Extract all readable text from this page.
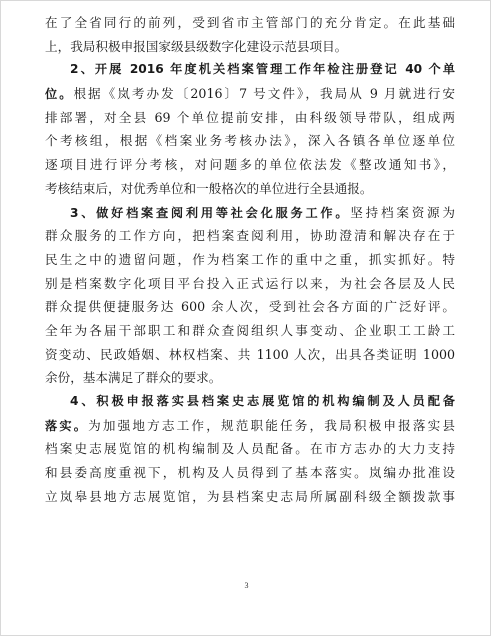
在了全省同行的前列，受到省市主管部门的充分肯定。在此基础
上，我局积极申报国家级县级数字化建设示范县项目。
2、开展 2016 年度机关档案管理工作年检注册登记 40 个单
位。根据《岚考办发〔2016〕7 号文件》，我局从 9 月就进行安
排部署，对全县 69 个单位提前安排，由科级领导带队，组成两
个考核组，根据《档案业务考核办法》，深入各镇各单位逐单位
逐项目进行评分考核，对问题多的单位依法发《整改通知书》，
考核结束后，对优秀单位和一般格次的单位进行全县通报。
3、做好档案查阅利用等社会化服务工作。坚持档案资源为
群众服务的工作方向，把档案查阅利用，协助澄清和解决存在于
民生之中的遗留问题，作为档案工作的重中之重，抓实抓好。特
别是档案数字化项目平台投入正式运行以来，为社会各层及人民
群众提供便捷服务达 600 余人次，受到社会各方面的广泛好评。
全年为各届干部职工和群众查阅组织人事变动、企业职工工龄工
资变动、民政婚姻、林权档案、共 1100 人次，出具各类证明 1000
余份，基本满足了群众的要求。
4、积极申报落实县档案史志展览馆的机构编制及人员配备
落实。为加强地方志工作，规范职能任务，我局积极申报落实县
档案史志展览馆的机构编制及人员配备。在市方志办的大力支持
和县委高度重视下，机构及人员得到了基本落实。岚编办批准设
立岚皋县地方志展览馆，为县档案史志局所属副科级全额拨款事
3
